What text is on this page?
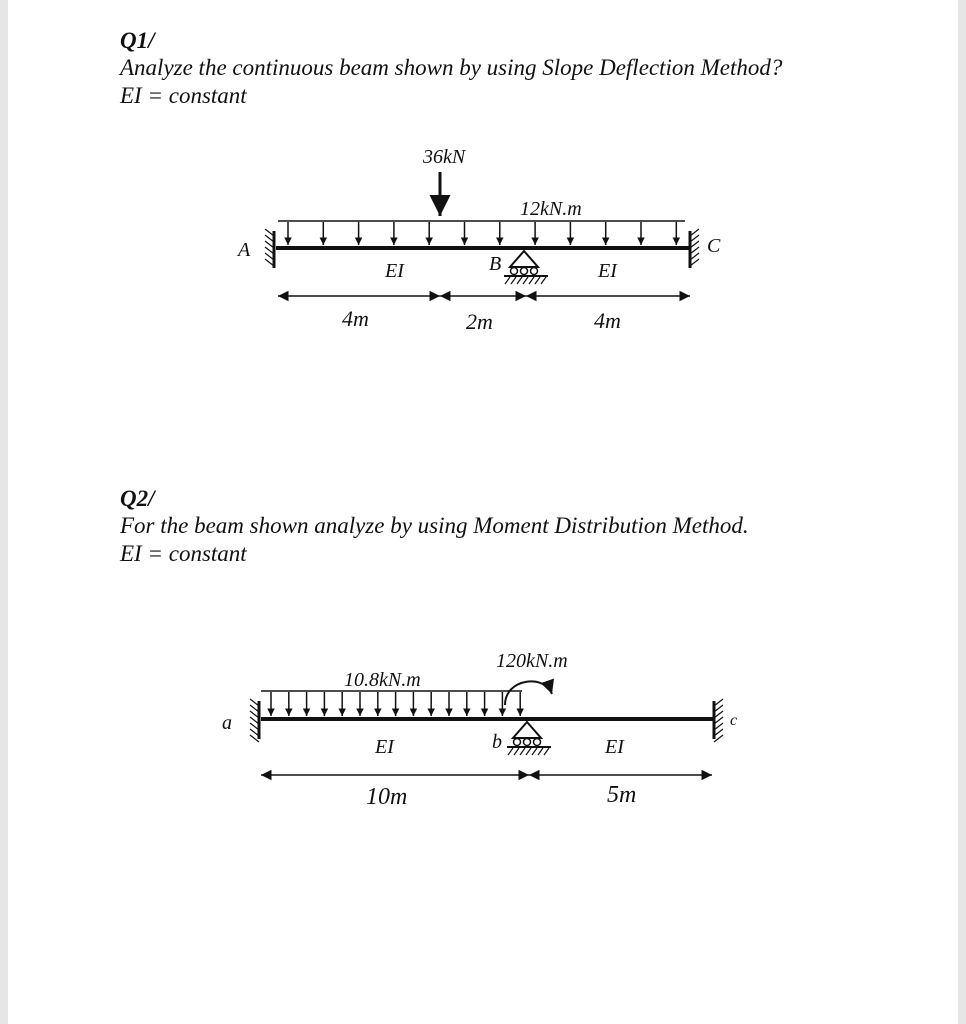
Q1/
Analyze the continuous beam shown by using Slope Deflection Method?
EI = constant
Q2/
For the beam shown analyze by using Moment Distribution Method.
EI = constant
36kN
12kN.m
A	C
B
EI	EI
4m	2m	4m
10.8kN.m
120kN.m
a	c
b
EI	EI
10m	5m
